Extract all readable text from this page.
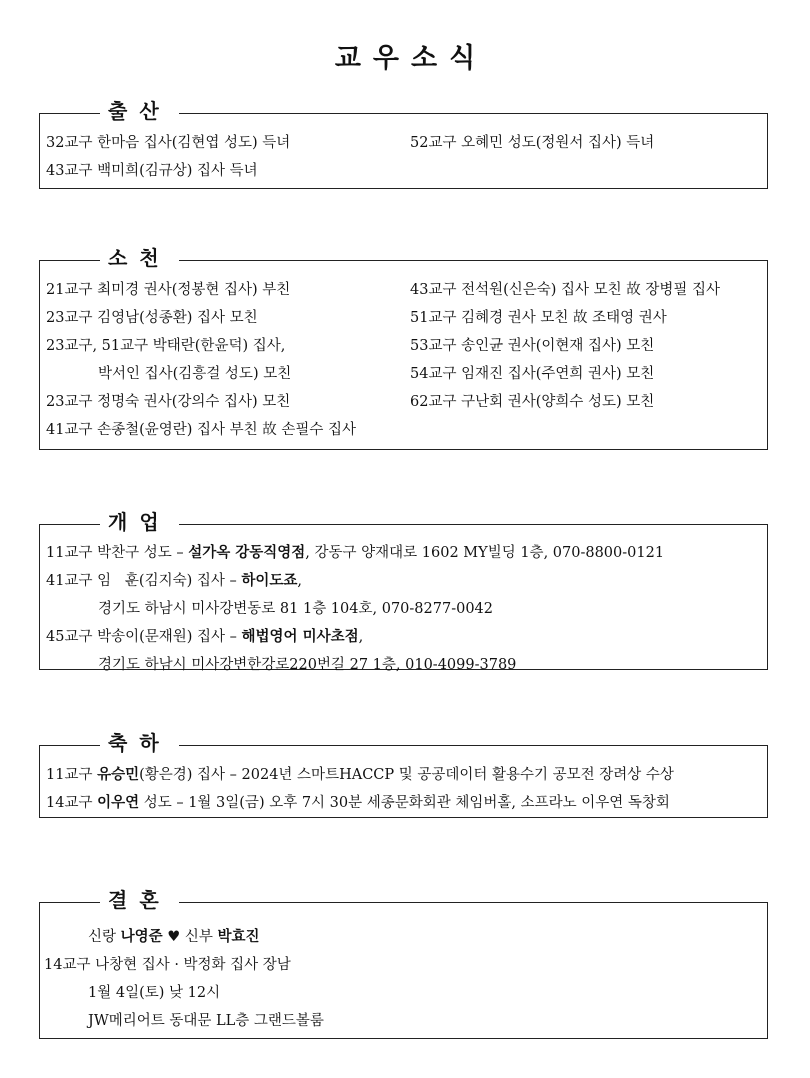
교우소식
출산
32교구 한마음 집사(김현엽 성도) 득녀	52교구 오혜민 성도(정원서 집사) 득녀
43교구 백미희(김규상) 집사 득녀
소천
21교구 최미경 권사(정봉현 집사) 부친	43교구 전석원(신은숙) 집사 모친 故 장병필 집사
23교구 김영남(성종환) 집사 모친	51교구 김혜경 권사 모친 故 조태영 권사
23교구, 51교구 박태란(한윤덕) 집사,	53교구 송인균 권사(이현재 집사) 모친
박서인 집사(김흥걸 성도) 모친	54교구 임재진 집사(주연희 권사) 모친
23교구 정명숙 권사(강의수 집사) 모친	62교구 구난회 권사(양희수 성도) 모친
41교구 손종철(윤영란) 집사 부친 故 손필수 집사
개업
11교구 박찬구 성도 – 설가옥 강동직영점, 강동구 양재대로 1602 MY빌딩 1층, 070-8800-0121
41교구 임   훈(김지숙) 집사 – 하이도죠,
경기도 하남시 미사강변동로 81 1층 104호, 070-8277-0042
45교구 박송이(문재원) 집사 – 해법영어 미사초점,
경기도 하남시 미사강변한강로220번길 27 1층, 010-4099-3789
축하
11교구 유승민(황은경) 집사 – 2024년 스마트HACCP 및 공공데이터 활용수기 공모전 장려상 수상
14교구 이우연 성도 – 1월 3일(금) 오후 7시 30분 세종문화회관 체임버홀, 소프라노 이우연 독창회
결혼
신랑 나영준 ♥ 신부 박효진
14교구 나창현 집사 · 박정화 집사 장남
1월 4일(토) 낮 12시
JW메리어트 동대문 LL층 그랜드볼룸
